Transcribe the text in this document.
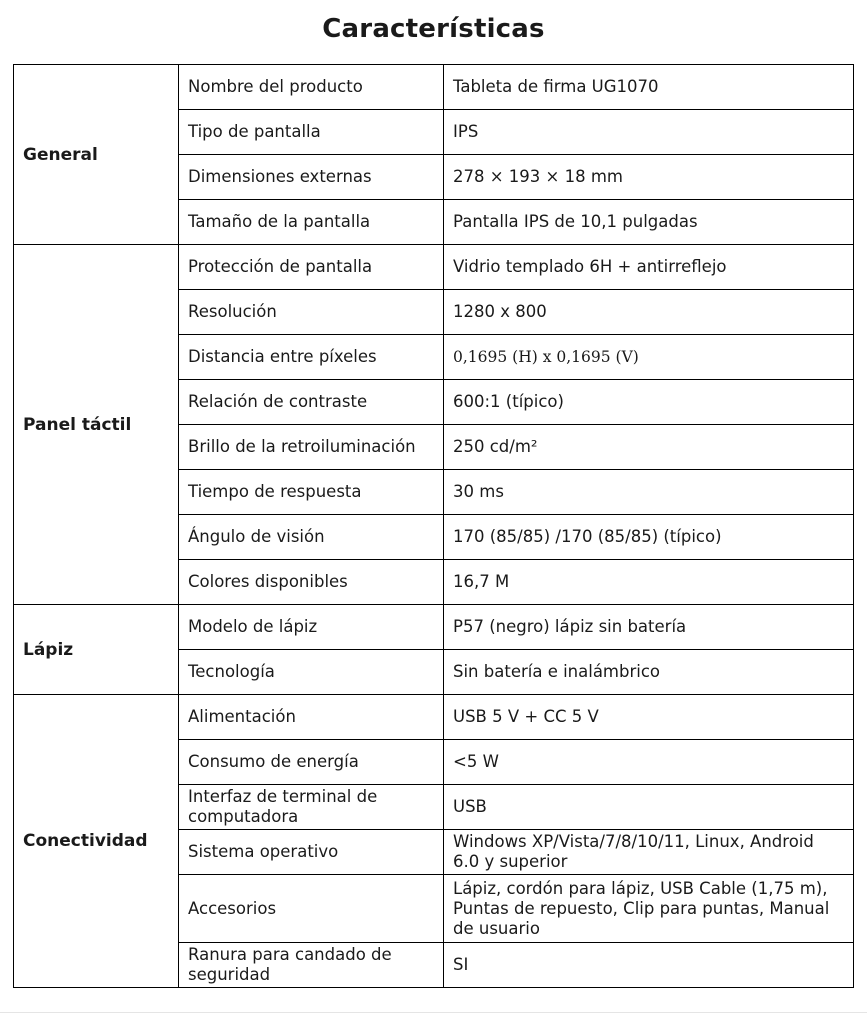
Características
General	Nombre del producto	Tableta de firma UG1070
	Tipo de pantalla	IPS
	Dimensiones externas	278 × 193 × 18 mm
	Tamaño de la pantalla	Pantalla IPS de 10,1 pulgadas
Panel táctil	Protección de pantalla	Vidrio templado 6H + antirreflejo
	Resolución	1280 x 800
	Distancia entre píxeles	0,1695 (H) x 0,1695 (V)
	Relación de contraste	600:1 (típico)
	Brillo de la retroiluminación	250 cd/m²
	Tiempo de respuesta	30 ms
	Ángulo de visión	170 (85/85) /170 (85/85) (típico)
	Colores disponibles	16,7 M
Lápiz	Modelo de lápiz	P57 (negro) lápiz sin batería
	Tecnología	Sin batería e inalámbrico
Conectividad	Alimentación	USB 5 V + CC 5 V
	Consumo de energía	<5 W
	Interfaz de terminal de computadora	USB
	Sistema operativo	Windows XP/Vista/7/8/10/11, Linux, Android 6.0 y superior
	Accesorios	Lápiz, cordón para lápiz, USB Cable (1,75 m), Puntas de repuesto, Clip para puntas, Manual de usuario
	Ranura para candado de seguridad	SI
